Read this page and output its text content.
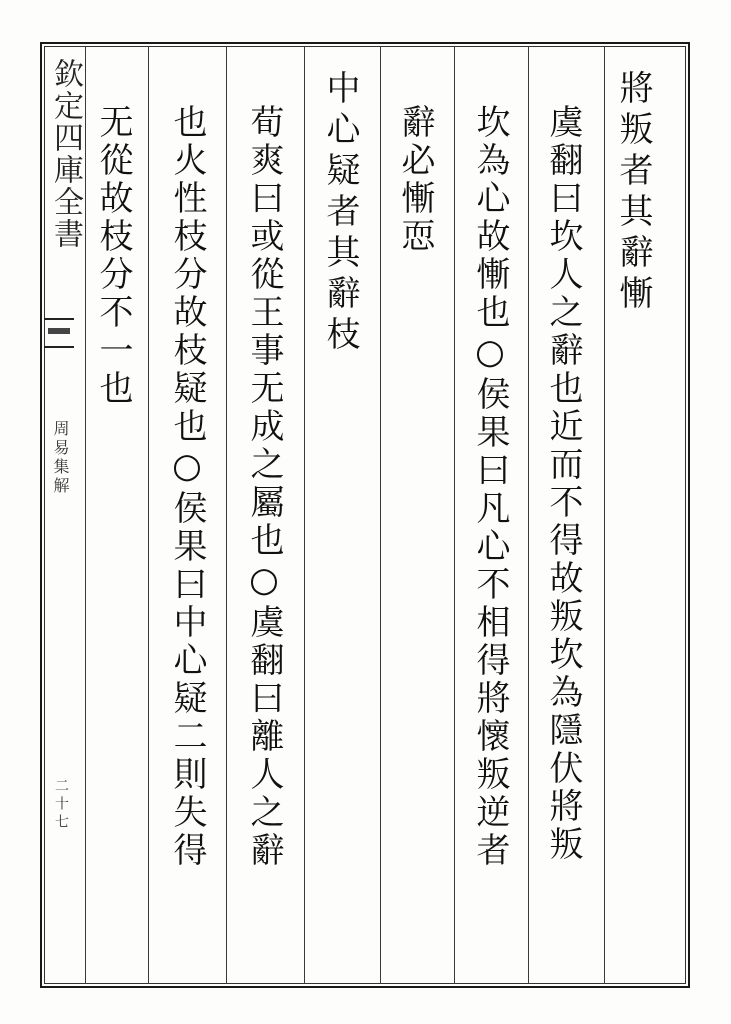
欽定四庫全書
周易集解
二十七
將叛者其辭慚
虞翻曰坎人之辭也近而不得故叛坎為隱伏將叛
坎為心故慚也○侯果曰凡心不相得將懷叛逆者
辭必慚恧
中心疑者其辭枝
荀爽曰或從王事无成之屬也○虞翻曰離人之辭
也火性枝分故枝疑也○侯果曰中心疑二則失得
无從故枝分不一也
